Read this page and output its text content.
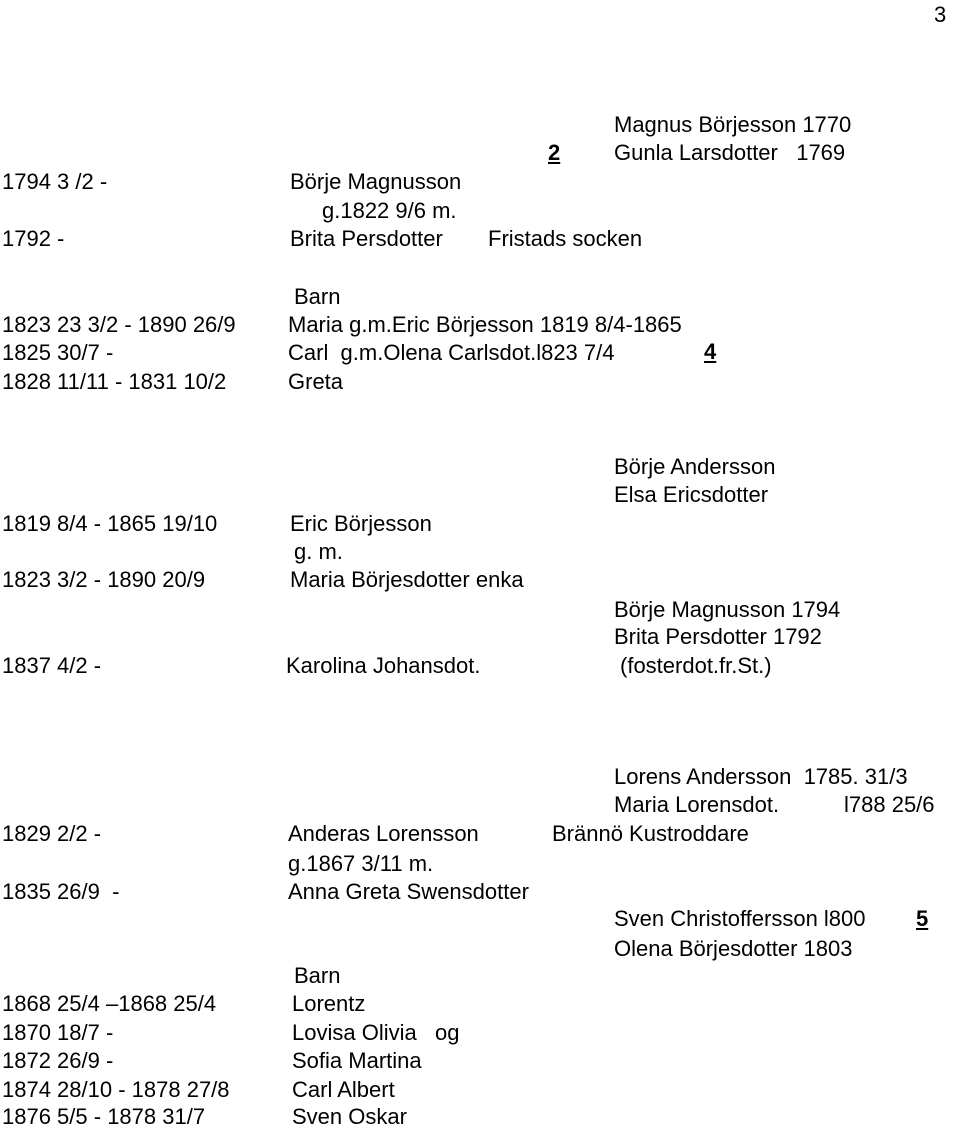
3
Magnus Börjesson 1770
2 Gunla Larsdotter   1769
1794 3 /2 -	Börje Magnusson
g.1822 9/6 m.
1792 -	Brita Persdotter Fristads socken
Barn
1823 23 3/2 - 1890 26/9 Maria g.m.Eric Börjesson 1819 8/4-1865
1825 30/7 -	Carl  g.m.Olena Carlsdot.l823 7/4	4
1828 11/11 - 1831 10/2	Greta
Börje Andersson
Elsa Ericsdotter
1819 8/4 - 1865 19/10	Eric Börjesson
g. m.
1823 3/2 - 1890 20/9	Maria Börjesdotter enka
Börje Magnusson 1794
Brita Persdotter 1792
1837 4/2 -	Karolina Johansdot.	(fosterdot.fr.St.)
Lorens Andersson  1785. 31/3
Maria Lorensdot.	l788 25/6
1829 2/2 -	Anderas Lorensson	Brännö Kustroddare
g.1867 3/11 m.
1835 26/9  -	Anna Greta Swensdotter
Sven Christoffersson l800 5
Olena Börjesdotter 1803
Barn
1868 25/4 –1868 25/4	Lorentz
1870 18/7 -	Lovisa Olivia   og
1872 26/9 -	Sofia Martina
1874 28/10 - 1878 27/8	Carl Albert
1876 5/5 - 1878 31/7	Sven Oskar
